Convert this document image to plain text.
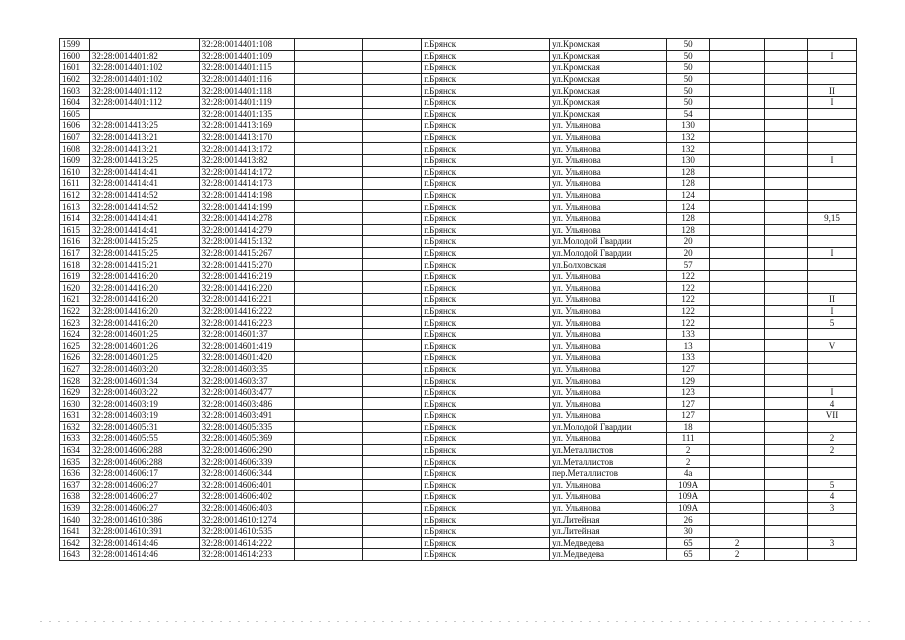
1599		32:28:0014401:108			г.Брянск	ул.Кромская	50			
1600	32:28:0014401:82	32:28:0014401:109			г.Брянск	ул.Кромская	50			I
1601	32:28:0014401:102	32:28:0014401:115			г.Брянск	ул.Кромская	50			
1602	32:28:0014401:102	32:28:0014401:116			г.Брянск	ул.Кромская	50			
1603	32:28:0014401:112	32:28:0014401:118			г.Брянск	ул.Кромская	50			II
1604	32:28:0014401:112	32:28:0014401:119			г.Брянск	ул.Кромская	50			I
1605		32:28:0014401:135			г.Брянск	ул.Кромская	54			
1606	32:28:0014413:25	32:28:0014413:169			г.Брянск	ул. Ульянова	130			
1607	32:28:0014413:21	32:28:0014413:170			г.Брянск	ул. Ульянова	132			
1608	32:28:0014413:21	32:28:0014413:172			г.Брянск	ул. Ульянова	132			
1609	32:28:0014413:25	32:28:0014413:82			г.Брянск	ул. Ульянова	130			I
1610	32:28:0014414:41	32:28:0014414:172			г.Брянск	ул. Ульянова	128			
1611	32:28:0014414:41	32:28:0014414:173			г.Брянск	ул. Ульянова	128			
1612	32:28:0014414:52	32:28:0014414:198			г.Брянск	ул. Ульянова	124			
1613	32:28:0014414:52	32:28:0014414:199			г.Брянск	ул. Ульянова	124			
1614	32:28:0014414:41	32:28:0014414:278			г.Брянск	ул. Ульянова	128			9,15
1615	32:28:0014414:41	32:28:0014414:279			г.Брянск	ул. Ульянова	128			
1616	32:28:0014415:25	32:28:0014415:132			г.Брянск	ул.Молодой Гвардии	20			
1617	32:28:0014415:25	32:28:0014415:267			г.Брянск	ул.Молодой Гвардии	20			I
1618	32:28:0014415:21	32:28:0014415:270			г.Брянск	ул.Болховская	57			
1619	32:28:0014416:20	32:28:0014416:219			г.Брянск	ул. Ульянова	122			
1620	32:28:0014416:20	32:28:0014416:220			г.Брянск	ул. Ульянова	122			
1621	32:28:0014416:20	32:28:0014416:221			г.Брянск	ул. Ульянова	122			II
1622	32:28:0014416:20	32:28:0014416:222			г.Брянск	ул. Ульянова	122			I
1623	32:28:0014416:20	32:28:0014416:223			г.Брянск	ул. Ульянова	122			5
1624	32:28:0014601:25	32:28:0014601:37			г.Брянск	ул. Ульянова	133			
1625	32:28:0014601:26	32:28:0014601:419			г.Брянск	ул. Ульянова	13			V
1626	32:28:0014601:25	32:28:0014601:420			г.Брянск	ул. Ульянова	133			
1627	32:28:0014603:20	32:28:0014603:35			г.Брянск	ул. Ульянова	127			
1628	32:28:0014601:34	32:28:0014603:37			г.Брянск	ул. Ульянова	129			
1629	32:28:0014603:22	32:28:0014603:477			г.Брянск	ул. Ульянова	123			I
1630	32:28:0014603:19	32:28:0014603:486			г.Брянск	ул. Ульянова	127			4
1631	32:28:0014603:19	32:28:0014603:491			г.Брянск	ул. Ульянова	127			VII
1632	32:28:0014605:31	32:28:0014605:335			г.Брянск	ул.Молодой Гвардии	18			
1633	32:28:0014605:55	32:28:0014605:369			г.Брянск	ул. Ульянова	111			2
1634	32:28:0014606:288	32:28:0014606:290			г.Брянск	ул.Металлистов	2			2
1635	32:28:0014606:288	32:28:0014606:339			г.Брянск	ул.Металлистов	2			
1636	32:28:0014606:17	32:28:0014606:344			г.Брянск	пер.Металлистов	4a			
1637	32:28:0014606:27	32:28:0014606:401			г.Брянск	ул. Ульянова	109A			5
1638	32:28:0014606:27	32:28:0014606:402			г.Брянск	ул. Ульянова	109A			4
1639	32:28:0014606:27	32:28:0014606:403			г.Брянск	ул. Ульянова	109A			3
1640	32:28:0014610:386	32:28:0014610:1274			г.Брянск	ул.Литейная	26			
1641	32:28:0014610:391	32:28:0014610:535			г.Брянск	ул.Литейная	30			
1642	32:28:0014614:46	32:28:0014614:222			г.Брянск	ул.Медведева	65	2		3
1643	32:28:0014614:46	32:28:0014614:233			г.Брянск	ул.Медведева	65	2		
